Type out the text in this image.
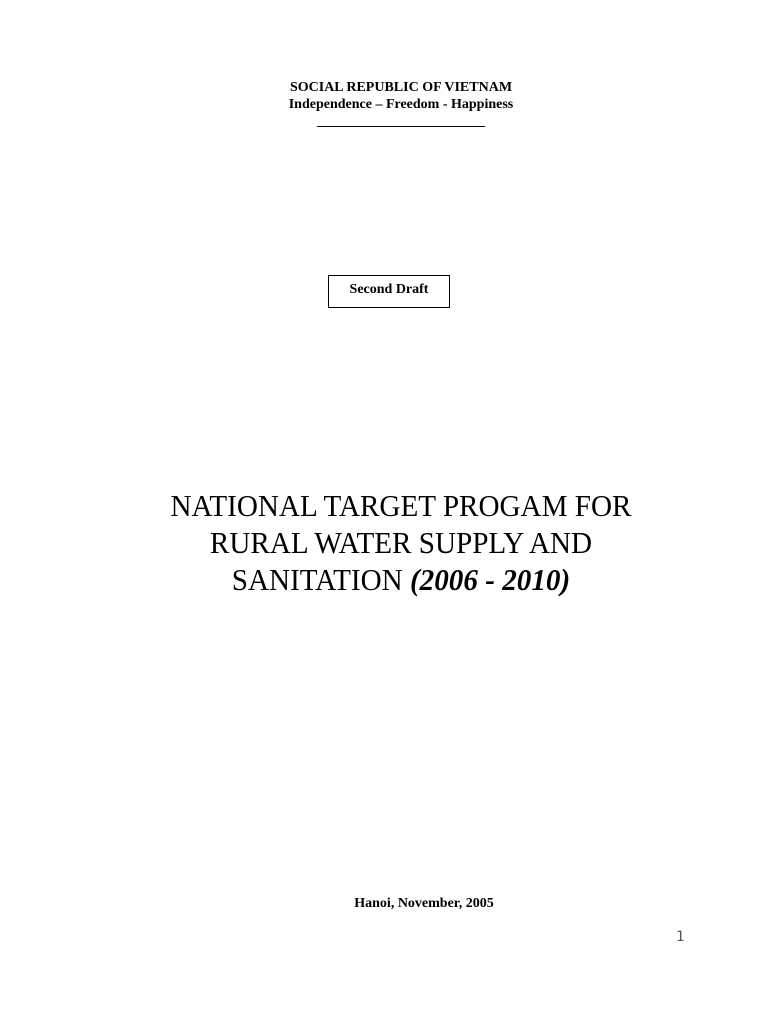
SOCIAL REPUBLIC OF VIETNAM
Independence – Freedom - Happiness
________________________
Second Draft
NATIONAL TARGET PROGAM FOR
RURAL WATER SUPPLY AND
SANITATION (2006 - 2010)
Hanoi, November, 2005
1
